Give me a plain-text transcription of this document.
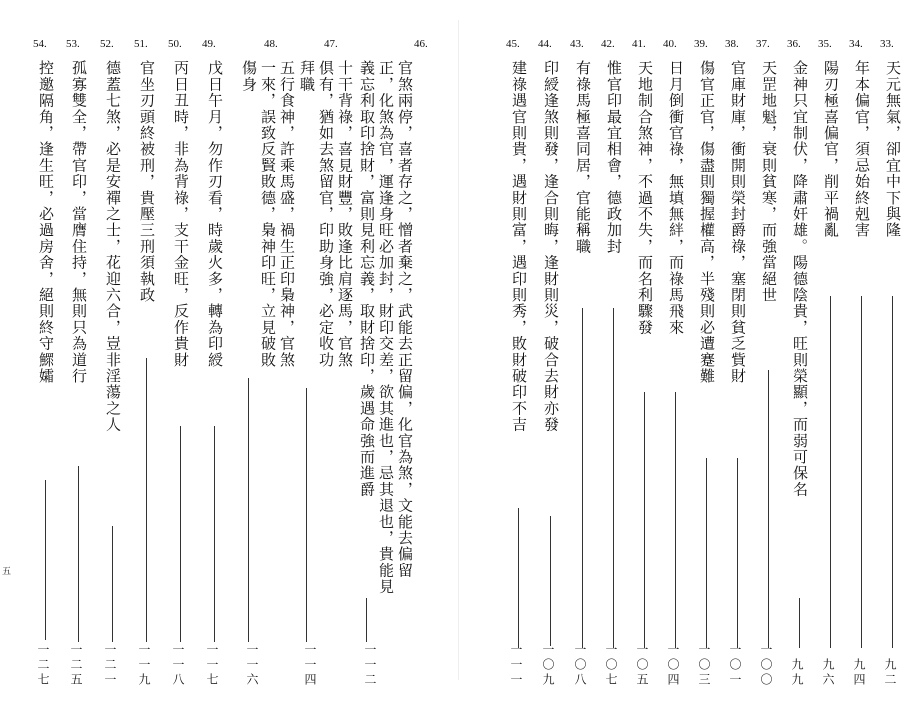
五
54.
控邀隔角，逢生旺，必過房舍，絕則終守鰥孀
一二七
53.
孤寡雙全，帶官印，當膺住持，無則只為道行
一二五
52.
德蓋七煞，必是安禪之士，花迎六合，豈非淫蕩之人
一二一
51.
官坐刃頭終被刑，貴壓三刑須執政
一一九
50.
丙日丑時，非為背祿，支干金旺，反作貴財
一一八
49.
戊日午月，勿作刃看，時歲火多，轉為印綬
一一七
48.
五行食神，許乘馬盛，禍生正印梟神，官煞一來，誤致反賢敗德，梟神印旺，立見破敗傷身
一一六
47.
十干背祿，喜見財豐，敗逢比肩逐馬，官煞俱有，猶如去煞留官，印助身強，必定收功拜職
一一四
46.
官煞兩停，喜者存之，憎者棄之，武能去正留偏，化官為煞，文能去偏留正，化煞為官，運逢身旺必加封，財印交差，欲其進也，忌其退也，貴能見義忘利取印捨財，富則見利忘義，取財捨印，歲遇命強而進爵
一一二
45.
建祿遇官則貴，遇財則富，遇印則秀，敗財破印不吉
一一一
44.
印綬逢煞則發，逢合則晦，逢財則災，破合去財亦發
一〇九
43.
有祿馬極喜同居，官能稱職
一〇八
42.
惟官印最宜相會，德政加封
一〇七
41.
天地制合煞神，不過不失，而名利驟發
一〇五
40.
日月倒衝官祿，無填無絆，而祿馬飛來
一〇四
39.
傷官正官，傷盡則獨握權高，半殘則必遭蹇難
一〇三
38.
官庫財庫，衝開則榮封爵祿，塞閉則貧乏貲財
一〇一
37.
天罡地魁，衰則貧寒，而強當絕世
一〇〇
36.
金神只宜制伏，降肅奸雄。陽德陰貴，旺則榮顯，而弱可保名
九九
35.
陽刃極喜偏官，削平禍亂
九六
34.
年本偏官，須忌始終剋害
九四
33.
天元無氣，卻宜中下與隆
九二
